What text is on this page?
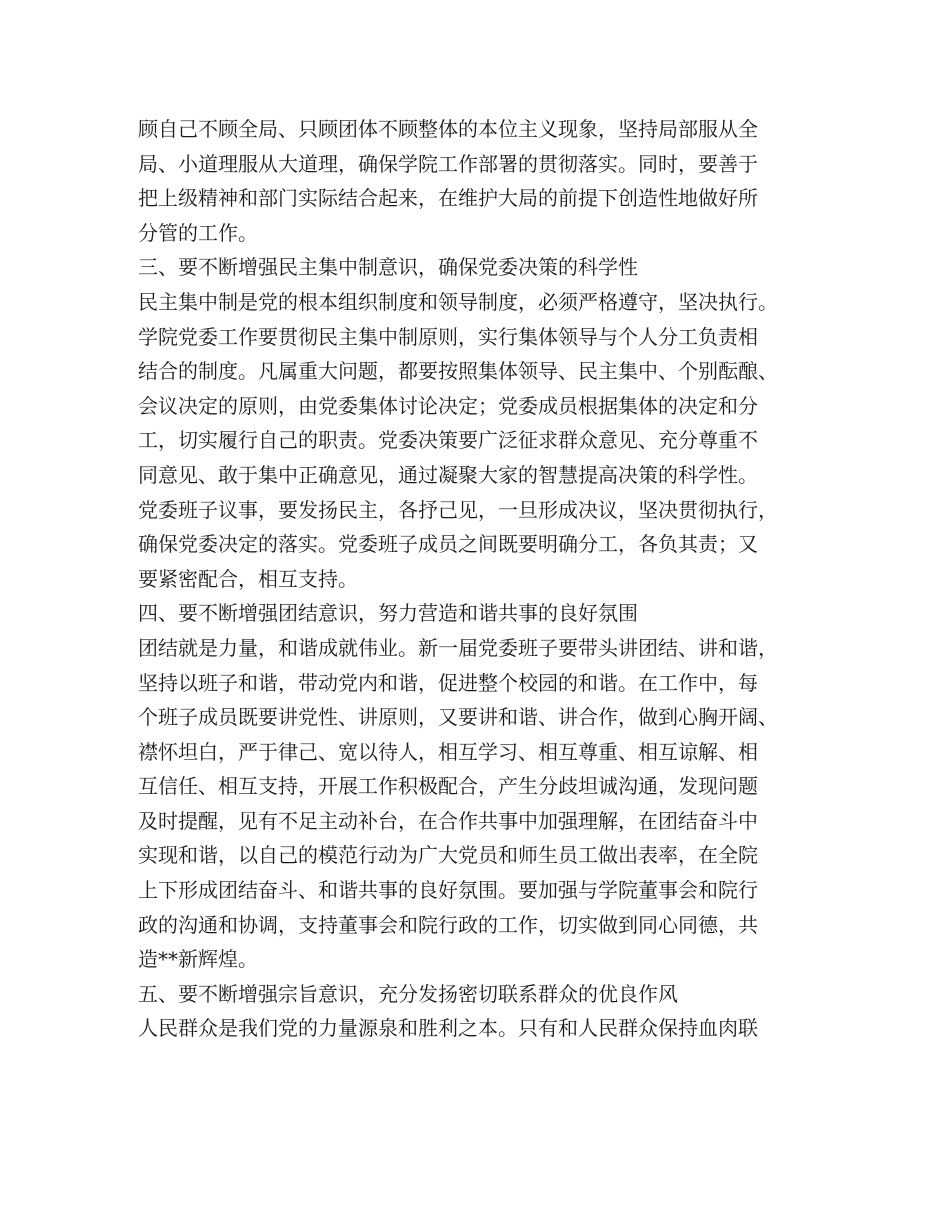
顾自己不顾全局、只顾团体不顾整体的本位主义现象，坚持局部服从全
局、小道理服从大道理，确保学院工作部署的贯彻落实。同时，要善于
把上级精神和部门实际结合起来，在维护大局的前提下创造性地做好所
分管的工作。
三、要不断增强民主集中制意识，确保党委决策的科学性
民主集中制是党的根本组织制度和领导制度，必须严格遵守，坚决执行。
学院党委工作要贯彻民主集中制原则，实行集体领导与个人分工负责相
结合的制度。凡属重大问题，都要按照集体领导、民主集中、个别酝酿、
会议决定的原则，由党委集体讨论决定；党委成员根据集体的决定和分
工，切实履行自己的职责。党委决策要广泛征求群众意见、充分尊重不
同意见、敢于集中正确意见，通过凝聚大家的智慧提高决策的科学性。
党委班子议事，要发扬民主，各抒己见，一旦形成决议，坚决贯彻执行，
确保党委决定的落实。党委班子成员之间既要明确分工，各负其责；又
要紧密配合，相互支持。
四、要不断增强团结意识，努力营造和谐共事的良好氛围
团结就是力量，和谐成就伟业。新一届党委班子要带头讲团结、讲和谐，
坚持以班子和谐，带动党内和谐，促进整个校园的和谐。在工作中，每
个班子成员既要讲党性、讲原则，又要讲和谐、讲合作，做到心胸开阔、
襟怀坦白，严于律己、宽以待人，相互学习、相互尊重、相互谅解、相
互信任、相互支持，开展工作积极配合，产生分歧坦诚沟通，发现问题
及时提醒，见有不足主动补台，在合作共事中加强理解，在团结奋斗中
实现和谐，以自己的模范行动为广大党员和师生员工做出表率，在全院
上下形成团结奋斗、和谐共事的良好氛围。要加强与学院董事会和院行
政的沟通和协调，支持董事会和院行政的工作，切实做到同心同德，共
造**新辉煌。
五、要不断增强宗旨意识，充分发扬密切联系群众的优良作风
人民群众是我们党的力量源泉和胜利之本。只有和人民群众保持血肉联
